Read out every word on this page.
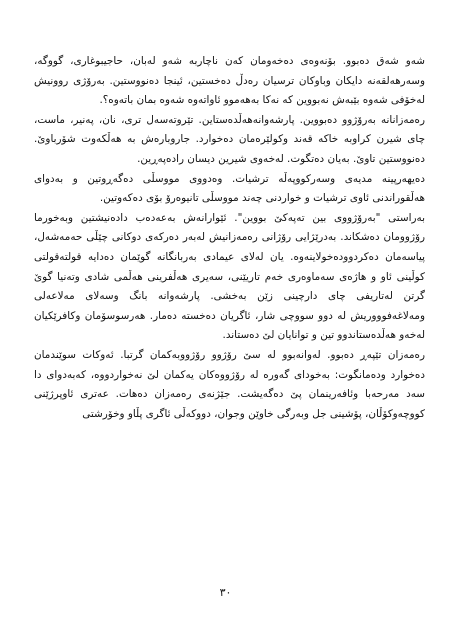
شەو شەق دەبوو. بۆنەوەی دەخەومان کەن ناچاربە شەو لەبان، حاجیبوغاری، گووگە، وسەرهەلقەنە دایکان وباوکان ترسیان رەدڵ دەخستین، ئینجا دەنووستین. بەرۆژی روونیش لەخۆفی شەوە بێبەش نەبووین کە نەکا بەهەموو ئاواتەوە شەوە بمان باتەوە؟.

رەمەزانانە بەرۆژوو دەبووین. پارشەوانەهەڵدەستاین. تێروتەسەل تری، نان، پەنیر، ماست، چای شیرن کراوبە خاکە قەند وکولێرەمان دەخوارد. جاروبارەش بە هەڵکەوت شۆرباوێ. دەنووستین تاوێ. بەیان دەتگوت. لەخەوی شیرین دیسان رادەپەڕین.

دەیهەرپینە مدیەی وسەرکووپەڵە ترشیات. وەدووی مووسڵی دەگەڕوتین و بەدوای هەڵقوراندنی ئاوی ترشیات و خواردنی چەند مووسڵی تانیوەرۆ بۆی دەکەوتین.

بەراستی "بەرۆژووی بین تەپەکێ بووین". ئێوارانەش بەعەدەب دادەنیشتین وبەخورما رۆژوومان دەشکاند. بەدرێژایی رۆژانی رەمەزانیش لەبەر دەرکەی دوکانی چێڵی حەمەشەل، پیاسەمان دەکردوودەخولاینەوە. یان لەلای عیمادی بەربانگانە گوێمان دەدایە قولتەقولتی کوڵینی ئاو و هاژەی سەماوەری خەم تاریێنی، سەیری هەڵفرینی هەڵمی شادی وتەنیا گوێ گرتن لەتاریفی چای دارچینی زێن بەخشی. پارشەوانە بانگ وسەلای مەلاعەلی ومەلاغەفوووریش لە دوو سووچی شار، ئاگریان دەخستە دەمار. هەرسوسۆمان وکافرێکیان لەخەو هەڵدەستاندوو تین و توانایان لێ دەستاند.

رەمەزان تێپەڕ دەبوو. لەوانەبوو لە سێ رۆژوو رۆژووبەکمان گرتبا. ئەوکات سوێندمان دەخوارد ودەمانگوت: بەخودای گەورە لە رۆژووەکان یەکمان لێ نەخواردووە، کەبەدوای دا سەد مەرحەبا وئافەرینمان پێ دەگەیشت. جێژنەی رەمەزان دەهات. عەتری ئاوپرژێنی کووچەوکۆڵان، پۆشینی جل وبەرگی خاوێن وجوان، دووکەڵی ئاگری پڵاو وخۆرشتی

٣٠
